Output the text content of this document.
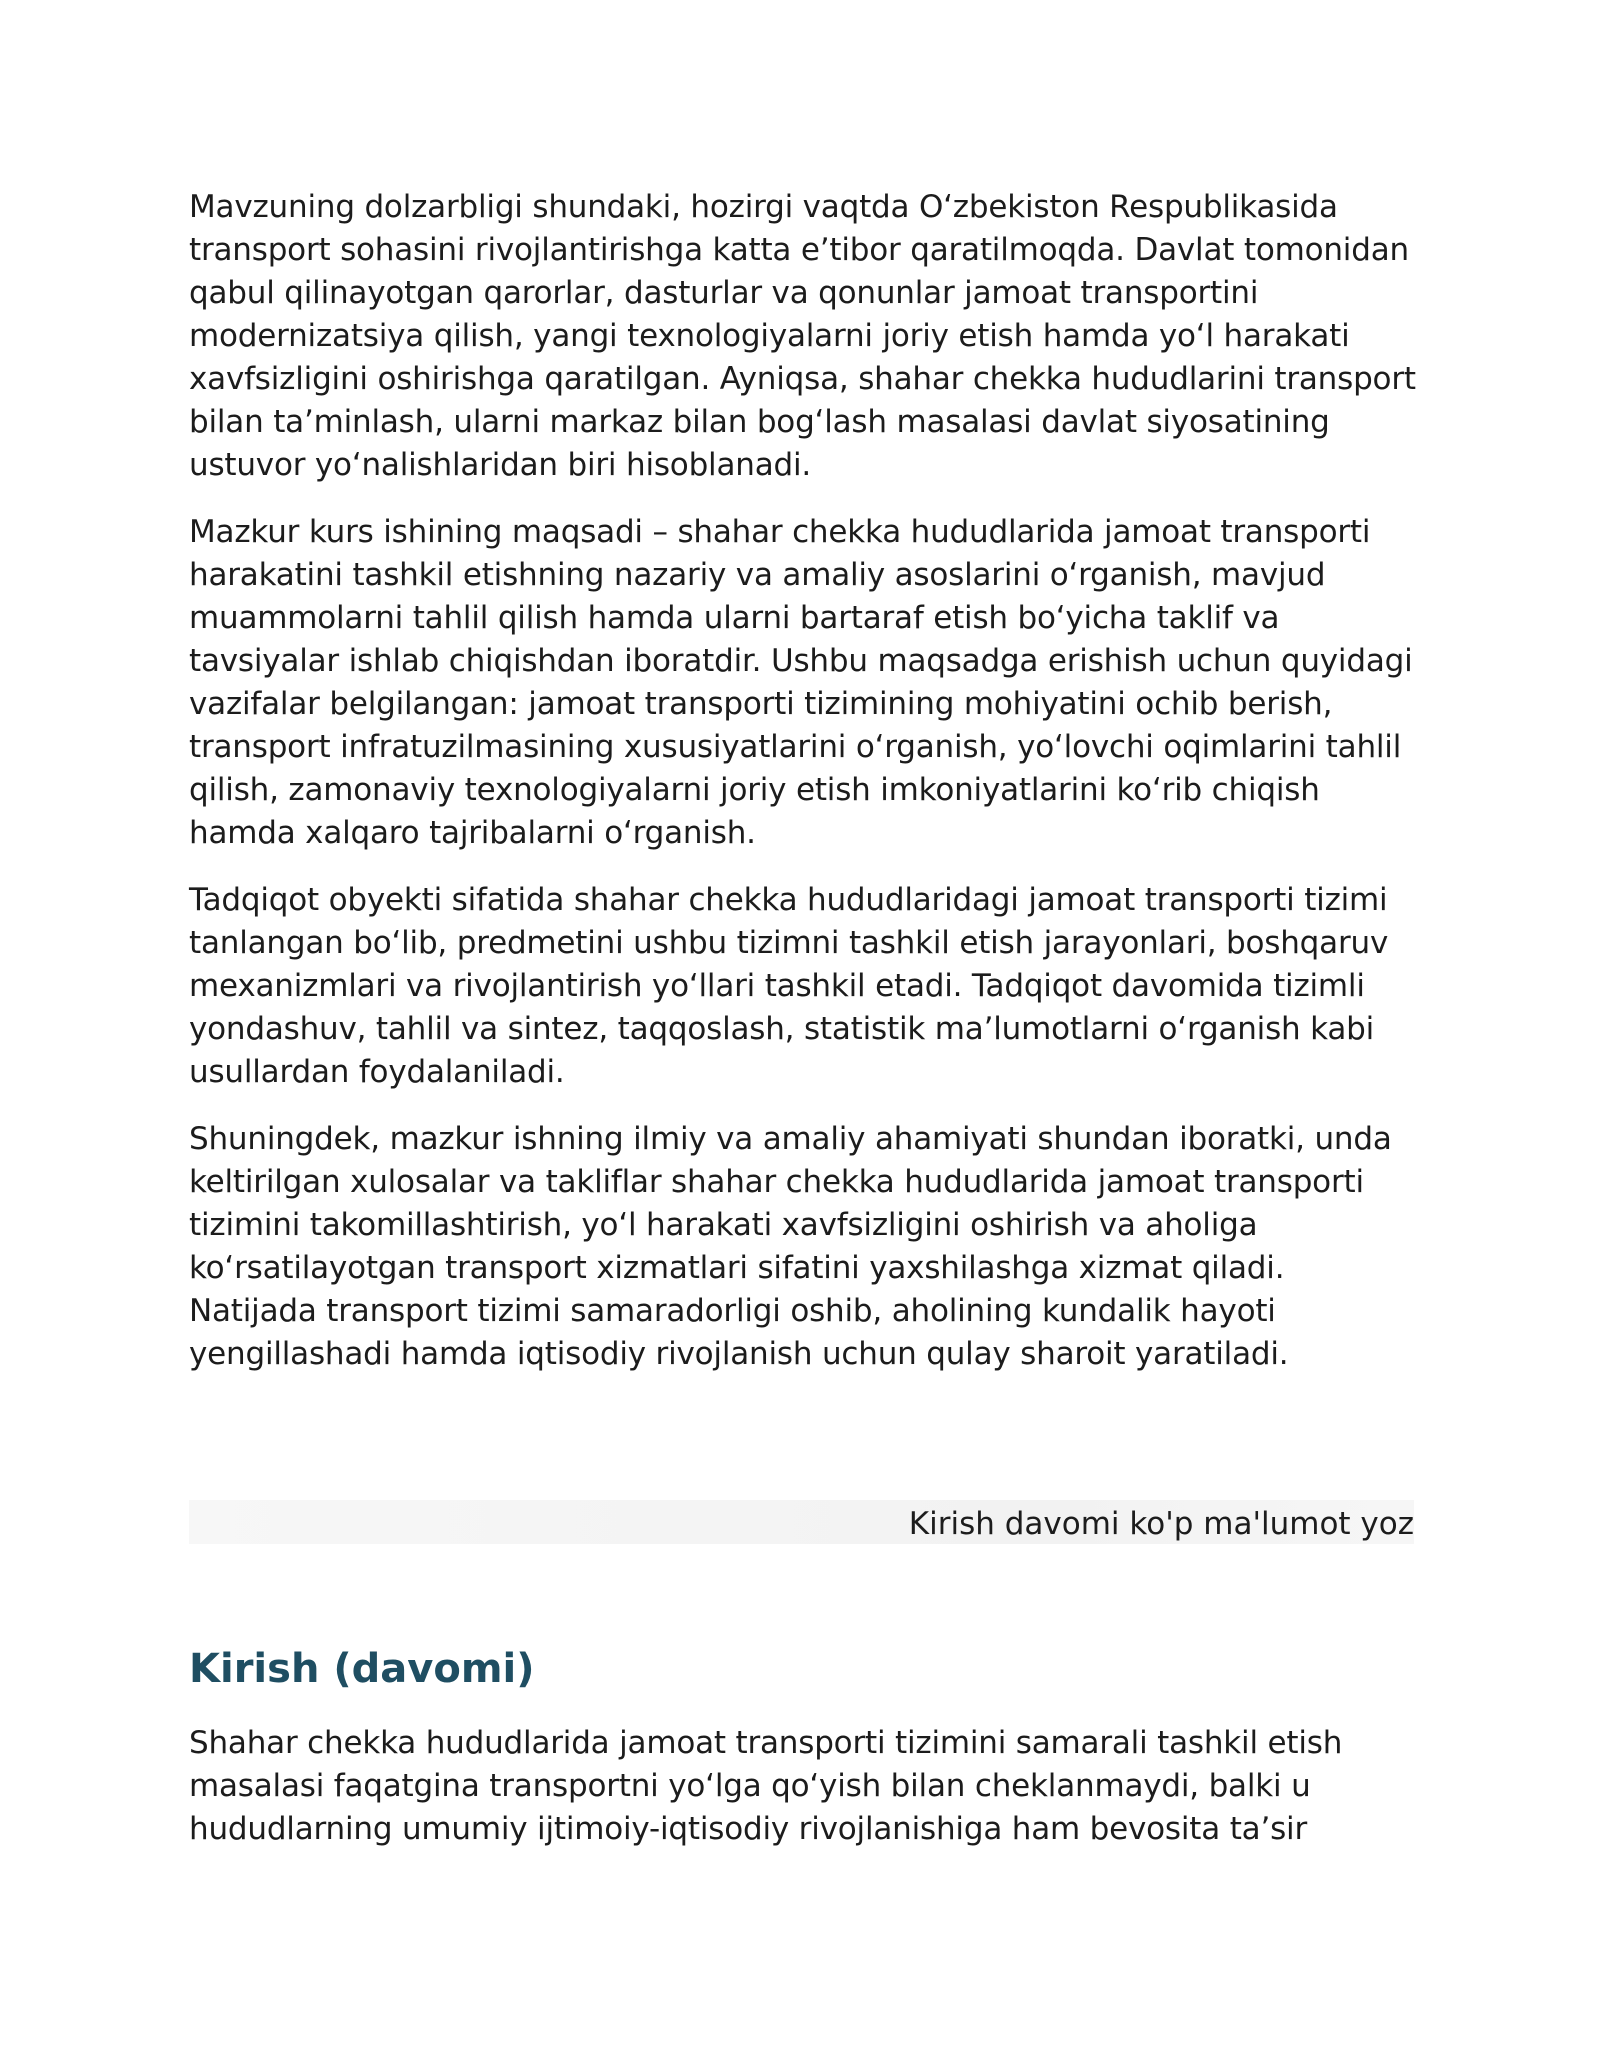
Mavzuning dolzarbligi shundaki, hozirgi vaqtda O‘zbekiston Respublikasida transport sohasini rivojlantirishga katta e’tibor qaratilmoqda. Davlat tomonidan qabul qilinayotgan qarorlar, dasturlar va qonunlar jamoat transportini modernizatsiya qilish, yangi texnologiyalarni joriy etish hamda yo‘l harakati xavfsizligini oshirishga qaratilgan. Ayniqsa, shahar chekka hududlarini transport bilan ta’minlash, ularni markaz bilan bog‘lash masalasi davlat siyosatining ustuvor yo‘nalishlaridan biri hisoblanadi.

Mazkur kurs ishining maqsadi – shahar chekka hududlarida jamoat transporti harakatini tashkil etishning nazariy va amaliy asoslarini o‘rganish, mavjud muammolarni tahlil qilish hamda ularni bartaraf etish bo‘yicha taklif va tavsiyalar ishlab chiqishdan iboratdir. Ushbu maqsadga erishish uchun quyidagi vazifalar belgilangan: jamoat transporti tizimining mohiyatini ochib berish, transport infratuzilmasining xususiyatlarini o‘rganish, yo‘lovchi oqimlarini tahlil qilish, zamonaviy texnologiyalarni joriy etish imkoniyatlarini ko‘rib chiqish hamda xalqaro tajribalarni o‘rganish.

Tadqiqot obyekti sifatida shahar chekka hududlaridagi jamoat transporti tizimi tanlangan bo‘lib, predmetini ushbu tizimni tashkil etish jarayonlari, boshqaruv mexanizmlari va rivojlantirish yo‘llari tashkil etadi. Tadqiqot davomida tizimli yondashuv, tahlil va sintez, taqqoslash, statistik ma’lumotlarni o‘rganish kabi usullardan foydalaniladi.

Shuningdek, mazkur ishning ilmiy va amaliy ahamiyati shundan iboratki, unda keltirilgan xulosalar va takliflar shahar chekka hududlarida jamoat transporti tizimini takomillashtirish, yo‘l harakati xavfsizligini oshirish va aholiga ko‘rsatilayotgan transport xizmatlari sifatini yaxshilashga xizmat qiladi. Natijada transport tizimi samaradorligi oshib, aholining kundalik hayoti yengillashadi hamda iqtisodiy rivojlanish uchun qulay sharoit yaratiladi.

Kirish davomi ko'p ma'lumot yoz
Kirish (davomi)

Shahar chekka hududlarida jamoat transporti tizimini samarali tashkil etish masalasi faqatgina transportni yo‘lga qo‘yish bilan cheklanmaydi, balki u hududlarning umumiy ijtimoiy-iqtisodiy rivojlanishiga ham bevosita ta’sir
